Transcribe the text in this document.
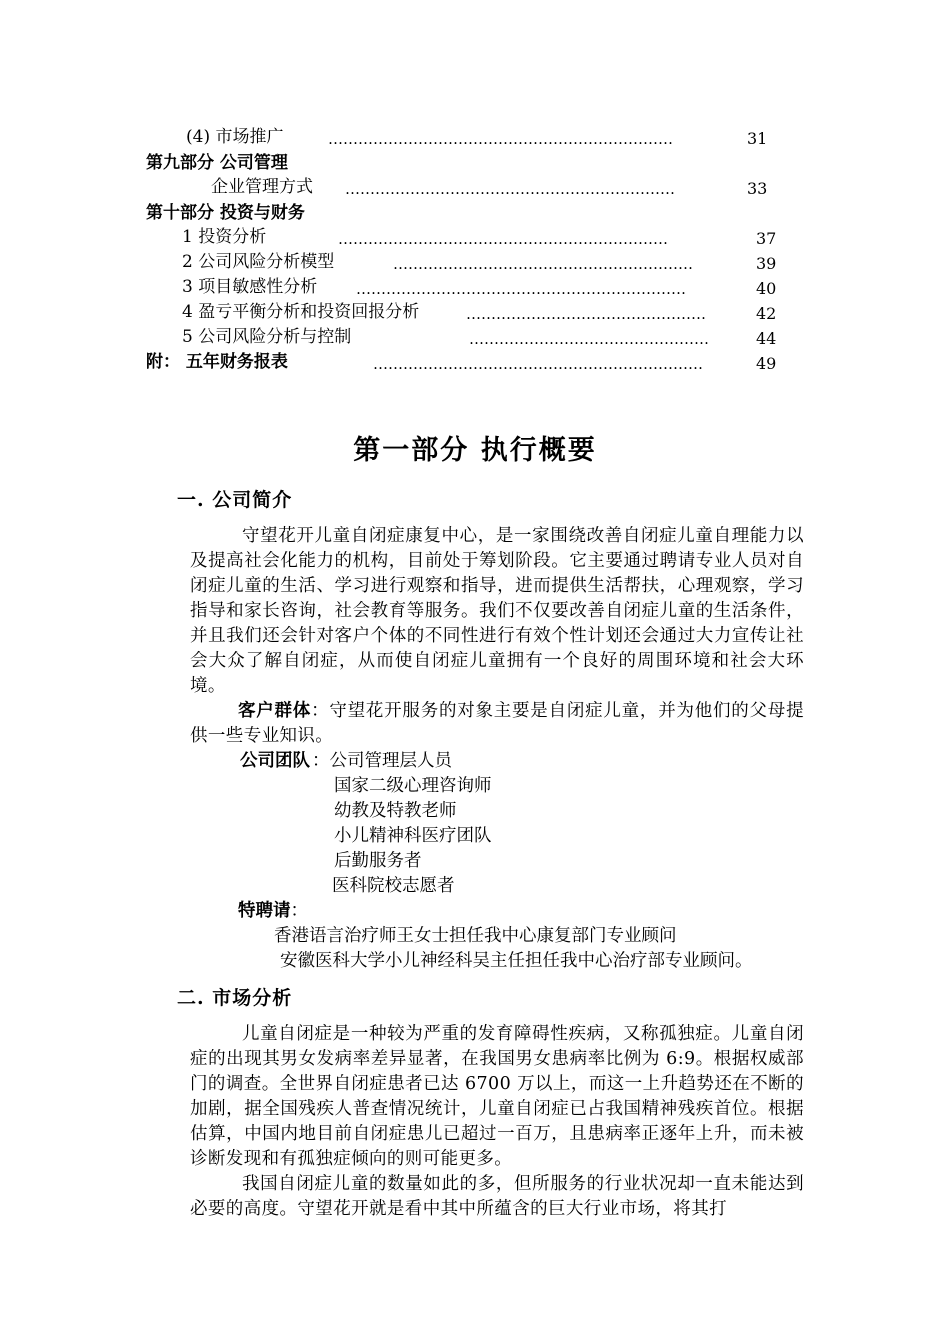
(4) 市场推广	……………………………………………………………	31
第九部分 公司管理
企业管理方式 …………………………………………………………	33
第十部分 投资与财务
1 投资分析	…………………………………………………………	37
2 公司风险分析模型	……………………………………………………	39
3 项目敏感性分析	…………………………………………………………	40
4 盈亏平衡分析和投资回报分析	…………………………………………	42
5 公司风险分析与控制	…………………………………………	44
附： 五年财务报表	…………………………………………………………	49
第一部分 执行概要
一. 公司简介
守望花开儿童自闭症康复中心，是一家围绕改善自闭症儿童自理能力以及提高社会化能力的机构，目前处于筹划阶段。它主要通过聘请专业人员对自闭症儿童的生活、学习进行观察和指导，进而提供生活帮扶，心理观察，学习指导和家长咨询，社会教育等服务。我们不仅要改善自闭症儿童的生活条件，并且我们还会针对客户个体的不同性进行有效个性计划还会通过大力宣传让社会大众了解自闭症，从而使自闭症儿童拥有一个良好的周围环境和社会大环境。
客户群体：守望花开服务的对象主要是自闭症儿童，并为他们的父母提供一些专业知识。
公司团队 ：公司管理层人员
国家二级心理咨询师
幼教及特教老师
小儿精神科医疗团队
后勤服务者
医科院校志愿者
特聘请：
香港语言治疗师王女士担任我中心康复部门专业顾问
安徽医科大学小儿神经科吴主任担任我中心治疗部专业顾问。
二. 市场分析
儿童自闭症是一种较为严重的发育障碍性疾病，又称孤独症。儿童自闭症的出现其男女发病率差异显著，在我国男女患病率比例为 6:9。根据权威部门的调查。全世界自闭症患者已达 6700 万以上，而这一上升趋势还在不断的加剧，据全国残疾人普查情况统计，儿童自闭症已占我国精神残疾首位。根据估算，中国内地目前自闭症患儿已超过一百万，且患病率正逐年上升，而未被诊断发现和有孤独症倾向的则可能更多。
我国自闭症儿童的数量如此的多，但所服务的行业状况却一直未能达到必要的高度。守望花开就是看中其中所蕴含的巨大行业市场，将其打
